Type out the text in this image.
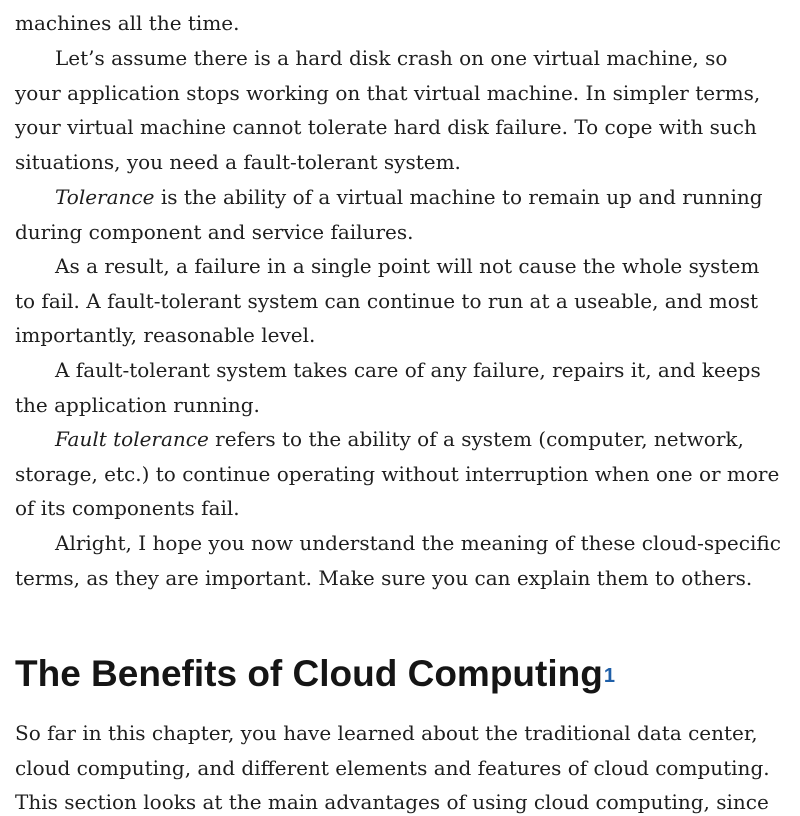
machines all the time.
Let’s assume there is a hard disk crash on one virtual machine, so
your application stops working on that virtual machine. In simpler terms,
your virtual machine cannot tolerate hard disk failure. To cope with such
situations, you need a fault-tolerant system.
Tolerance is the ability of a virtual machine to remain up and running
during component and service failures.
As a result, a failure in a single point will not cause the whole system
to fail. A fault-tolerant system can continue to run at a useable, and most
importantly, reasonable level.
A fault-tolerant system takes care of any failure, repairs it, and keeps
the application running.
Fault tolerance refers to the ability of a system (computer, network,
storage, etc.) to continue operating without interruption when one or more
of its components fail.
Alright, I hope you now understand the meaning of these cloud-specific
terms, as they are important. Make sure you can explain them to others.
The Benefits of Cloud Computing$^1$
So far in this chapter, you have learned about the traditional data center,
cloud computing, and different elements and features of cloud computing.
This section looks at the main advantages of using cloud computing, since
